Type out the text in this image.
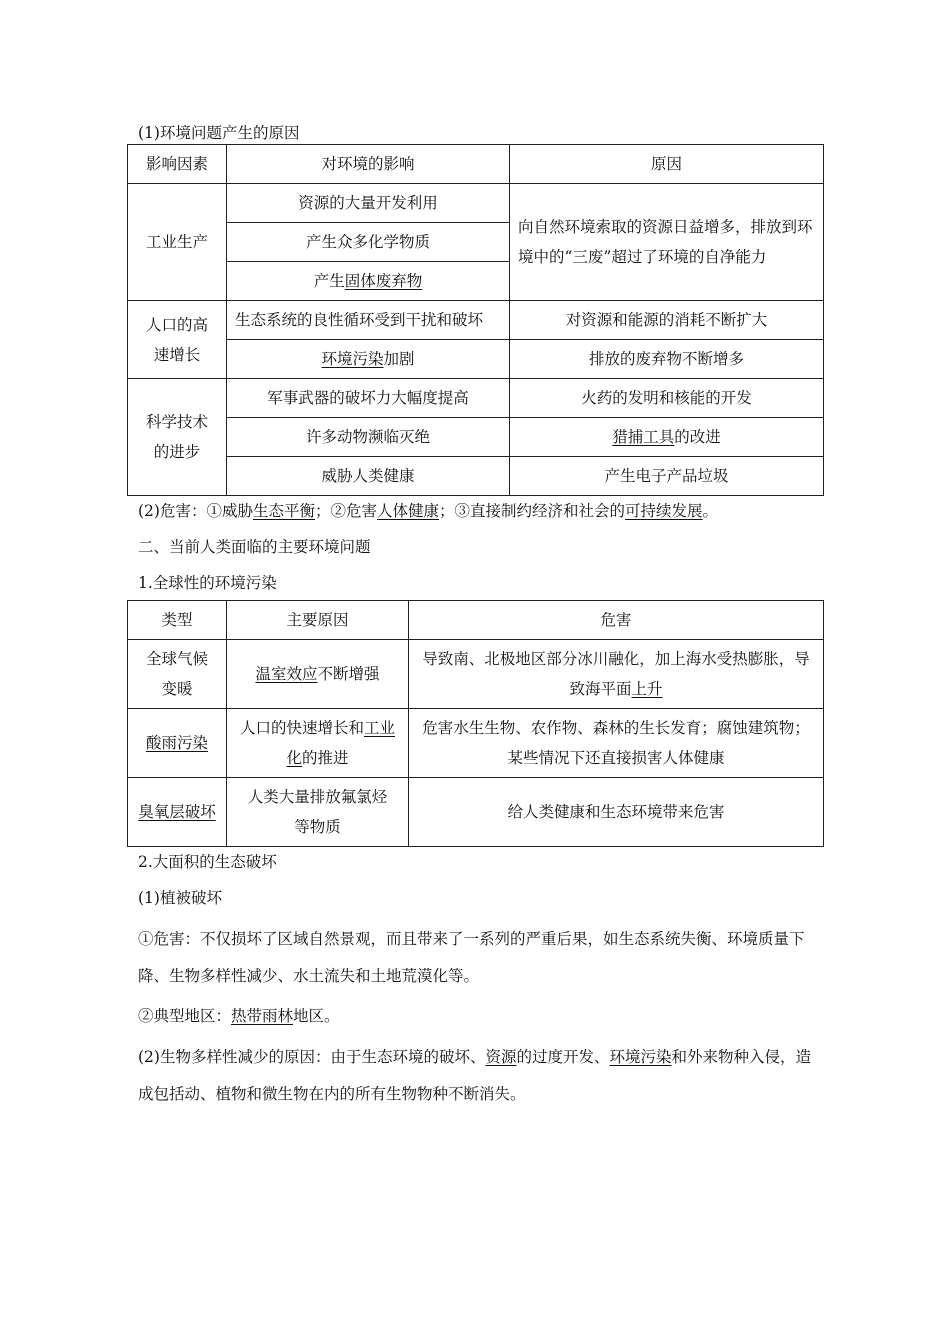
(1)环境问题产生的原因

影响因素	对环境的影响	原因
工业生产	资源的大量开发利用	向自然环境索取的资源日益增多，排放到环境中的“三废”超过了环境的自净能力
	产生众多化学物质	
	产生固体废弃物	
人口的高速增长	生态系统的良性循环受到干扰和破坏	对资源和能源的消耗不断扩大
	环境污染加剧	排放的废弃物不断增多
科学技术的进步	军事武器的破坏力大幅度提高	火药的发明和核能的开发
	许多动物濒临灭绝	猎捕工具的改进
	威胁人类健康	产生电子产品垃圾

(2)危害：①威胁生态平衡；②危害人体健康；③直接制约经济和社会的可持续发展。

二、当前人类面临的主要环境问题

1.全球性的环境污染

类型	主要原因	危害
全球气候变暖	温室效应不断增强	导致南、北极地区部分冰川融化，加上海水受热膨胀，导致海平面上升
酸雨污染	人口的快速增长和工业化的推进	危害水生生物、农作物、森林的生长发育；腐蚀建筑物；某些情况下还直接损害人体健康
臭氧层破坏	人类大量排放氟氯烃等物质	给人类健康和生态环境带来危害

2.大面积的生态破坏

(1)植被破坏

①危害：不仅损坏了区域自然景观，而且带来了一系列的严重后果，如生态系统失衡、环境质量下降、生物多样性减少、水土流失和土地荒漠化等。

②典型地区：热带雨林地区。

(2)生物多样性减少的原因：由于生态环境的破坏、资源的过度开发、环境污染和外来物种入侵，造成包括动、植物和微生物在内的所有生物物种不断消失。
